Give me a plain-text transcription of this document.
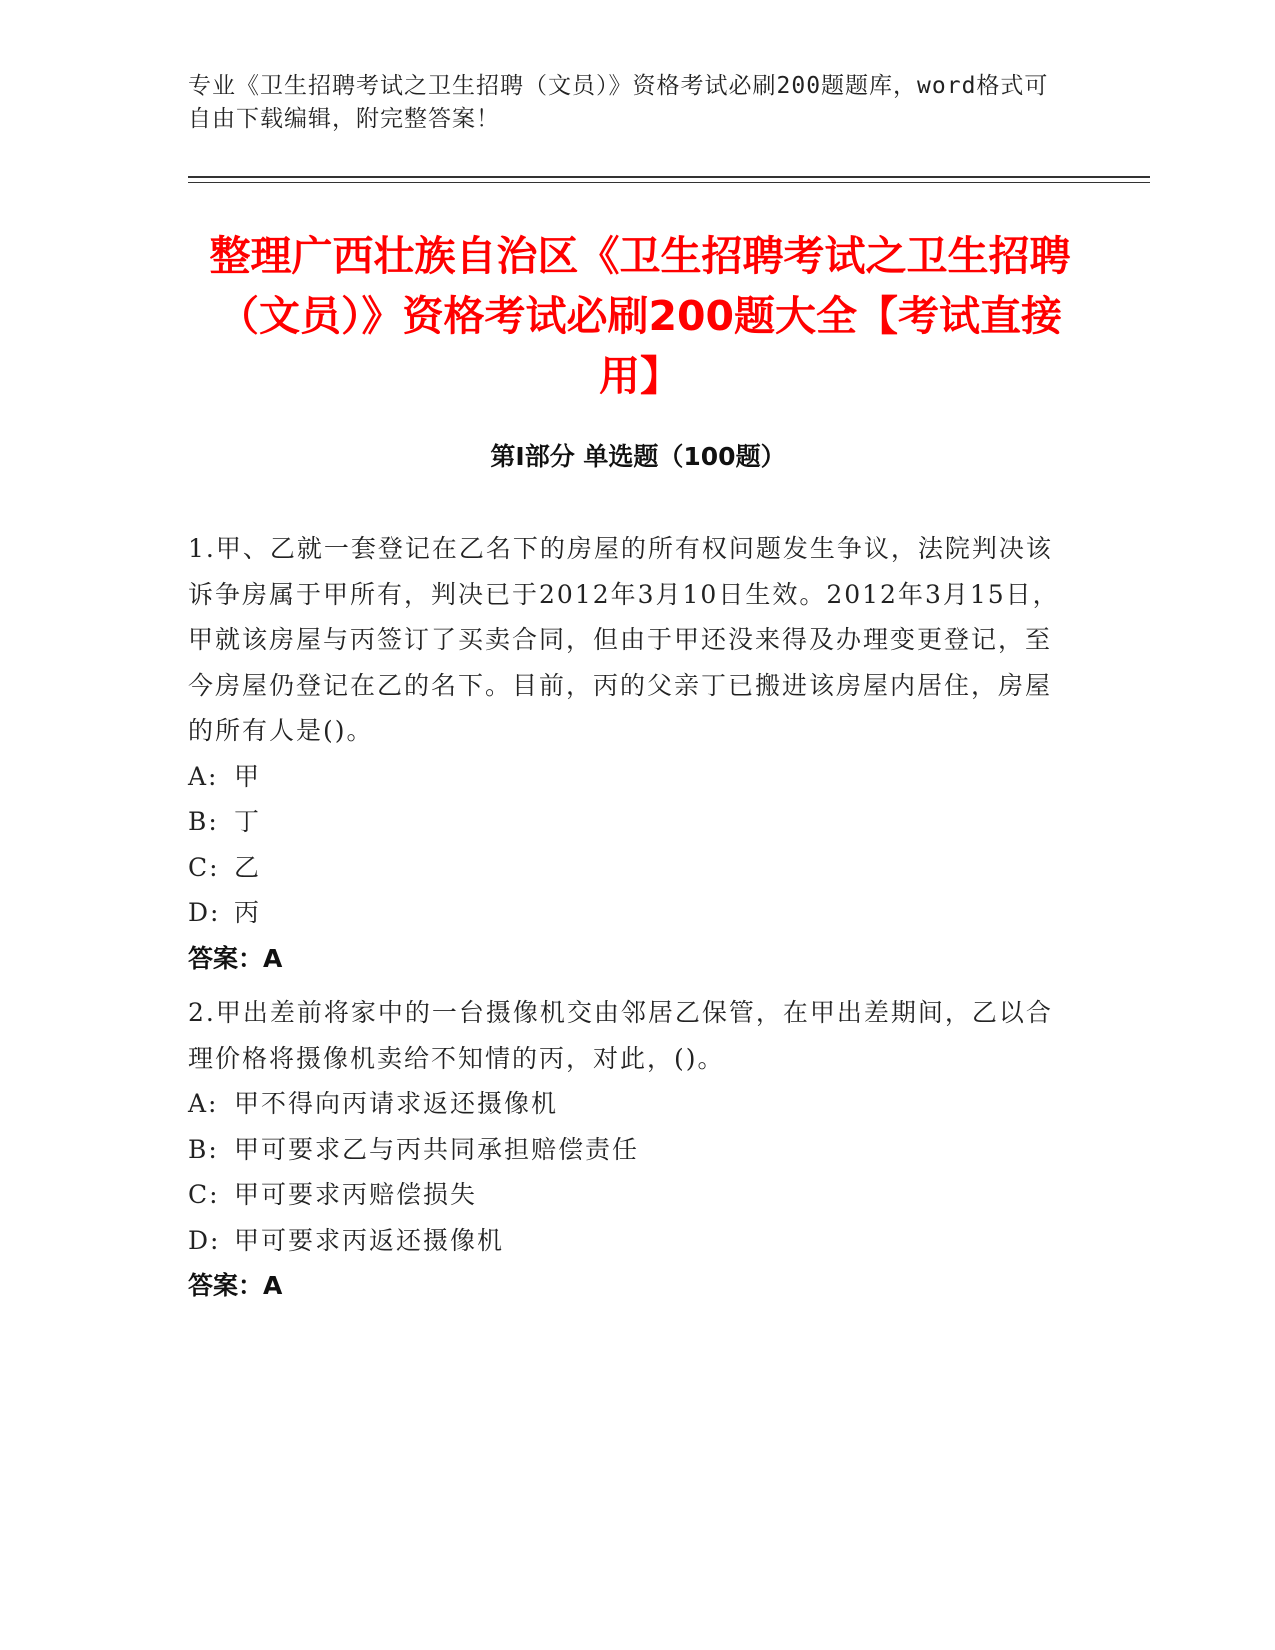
专业《卫生招聘考试之卫生招聘（文员）》资格考试必刷200题题库，word格式可自由下载编辑，附完整答案！
整理广西壮族自治区《卫生招聘考试之卫生招聘（文员）》资格考试必刷200题大全【考试直接用】
第Ⅰ部分 单选题（100题）

1.甲、乙就一套登记在乙名下的房屋的所有权问题发生争议，法院判决该诉争房属于甲所有，判决已于2012年3月10日生效。2012年3月15日，甲就该房屋与丙签订了买卖合同，但由于甲还没来得及办理变更登记，至今房屋仍登记在乙的名下。目前，丙的父亲丁已搬进该房屋内居住，房屋的所有人是()。

A: 甲

B: 丁

C: 乙

D: 丙

答案：A

2.甲出差前将家中的一台摄像机交由邻居乙保管，在甲出差期间，乙以合理价格将摄像机卖给不知情的丙，对此，()。

A: 甲不得向丙请求返还摄像机

B: 甲可要求乙与丙共同承担赔偿责任

C: 甲可要求丙赔偿损失

D: 甲可要求丙返还摄像机

答案：A
